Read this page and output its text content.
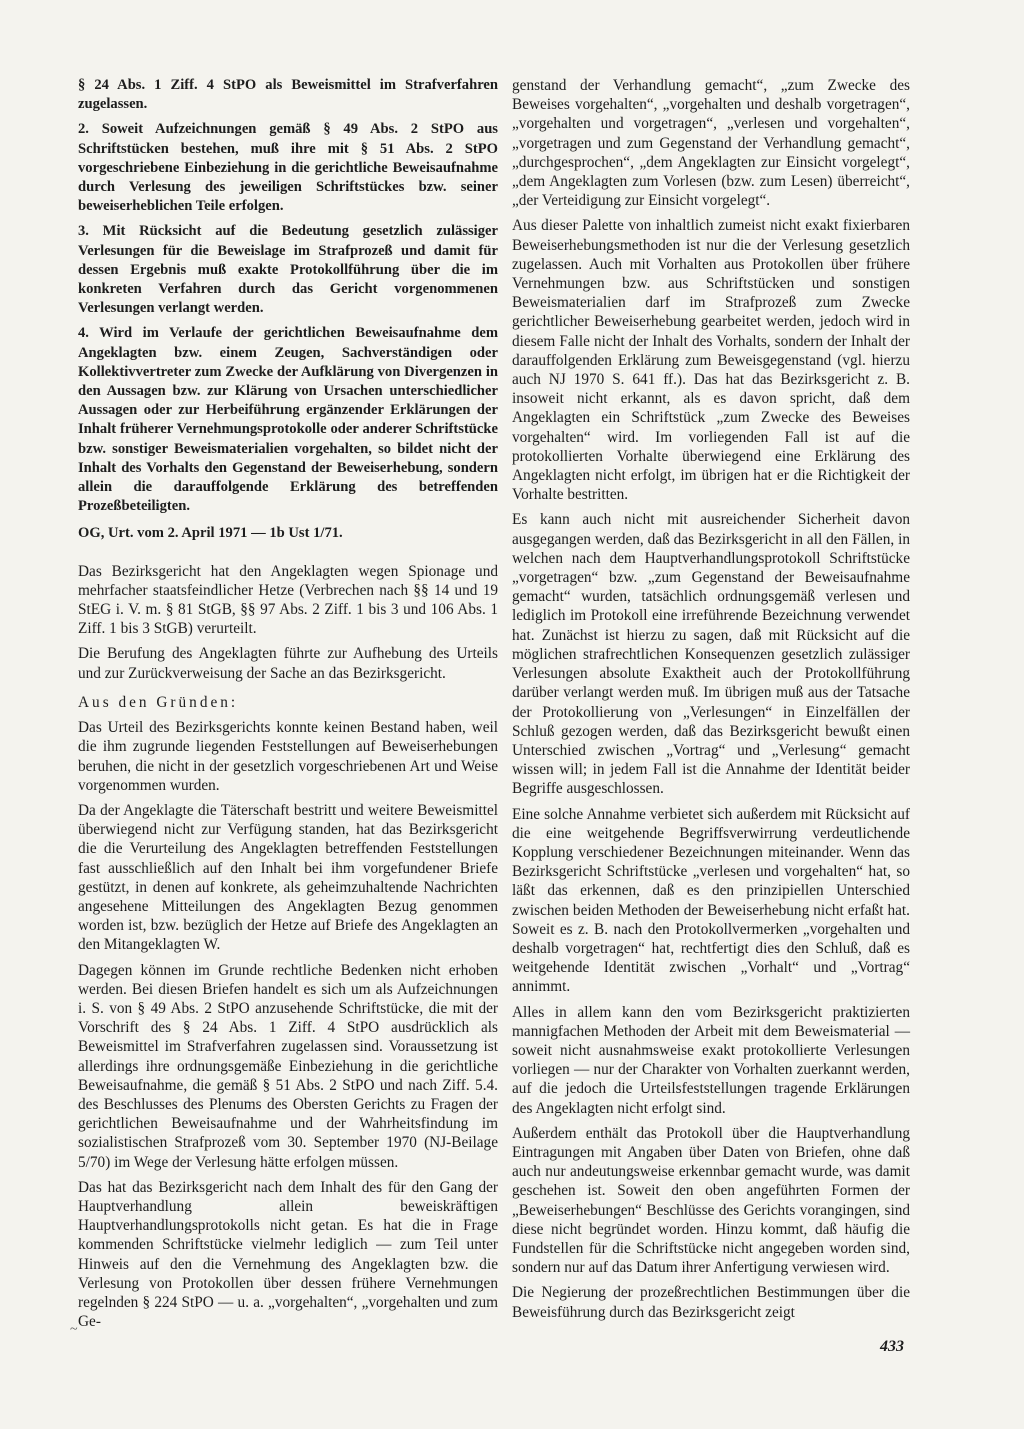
§ 24 Abs. 1 Ziff. 4 StPO als Beweismittel im Strafverfahren zugelassen.

2. Soweit Aufzeichnungen gemäß § 49 Abs. 2 StPO aus Schriftstücken bestehen, muß ihre mit § 51 Abs. 2 StPO vorgeschriebene Einbeziehung in die gerichtliche Beweisaufnahme durch Verlesung des jeweiligen Schriftstückes bzw. seiner beweiserheblichen Teile erfolgen.

3. Mit Rücksicht auf die Bedeutung gesetzlich zulässiger Verlesungen für die Beweislage im Strafprozeß und damit für dessen Ergebnis muß exakte Protokollführung über die im konkreten Verfahren durch das Gericht vorgenommenen Verlesungen verlangt werden.

4. Wird im Verlaufe der gerichtlichen Beweisaufnahme dem Angeklagten bzw. einem Zeugen, Sachverständigen oder Kollektivvertreter zum Zwecke der Aufklärung von Divergenzen in den Aussagen bzw. zur Klärung von Ursachen unterschiedlicher Aussagen oder zur Herbeiführung ergänzender Erklärungen der Inhalt früherer Vernehmungsprotokolle oder anderer Schriftstücke bzw. sonstiger Beweismaterialien vorgehalten, so bildet nicht der Inhalt des Vorhalts den Gegenstand der Beweiserhebung, sondern allein die darauffolgende Erklärung des betreffenden Prozeßbeteiligten.

OG, Urt. vom 2. April 1971 — 1b Ust 1/71.

Das Bezirksgericht hat den Angeklagten wegen Spionage und mehrfacher staatsfeindlicher Hetze (Verbrechen nach §§ 14 und 19 StEG i. V. m. § 81 StGB, §§ 97 Abs. 2 Ziff. 1 bis 3 und 106 Abs. 1 Ziff. 1 bis 3 StGB) verurteilt.

Die Berufung des Angeklagten führte zur Aufhebung des Urteils und zur Zurückverweisung der Sache an das Bezirksgericht.

Aus den Gründen:

Das Urteil des Bezirksgerichts konnte keinen Bestand haben, weil die ihm zugrunde liegenden Feststellungen auf Beweiserhebungen beruhen, die nicht in der gesetzlich vorgeschriebenen Art und Weise vorgenommen wurden.

Da der Angeklagte die Täterschaft bestritt und weitere Beweismittel überwiegend nicht zur Verfügung standen, hat das Bezirksgericht die die Verurteilung des Angeklagten betreffenden Feststellungen fast ausschließlich auf den Inhalt bei ihm vorgefundener Briefe gestützt, in denen auf konkrete, als geheimzuhaltende Nachrichten angesehene Mitteilungen des Angeklagten Bezug genommen worden ist, bzw. bezüglich der Hetze auf Briefe des Angeklagten an den Mitangeklagten W.

Dagegen können im Grunde rechtliche Bedenken nicht erhoben werden. Bei diesen Briefen handelt es sich um als Aufzeichnungen i. S. von § 49 Abs. 2 StPO anzusehende Schriftstücke, die mit der Vorschrift des § 24 Abs. 1 Ziff. 4 StPO ausdrücklich als Beweismittel im Strafverfahren zugelassen sind. Voraussetzung ist allerdings ihre ordnungsgemäße Einbeziehung in die gerichtliche Beweisaufnahme, die gemäß § 51 Abs. 2 StPO und nach Ziff. 5.4. des Beschlusses des Plenums des Obersten Gerichts zu Fragen der gerichtlichen Beweisaufnahme und der Wahrheitsfindung im sozialistischen Strafprozeß vom 30. September 1970 (NJ-Beilage 5/70) im Wege der Verlesung hätte erfolgen müssen.

Das hat das Bezirksgericht nach dem Inhalt des für den Gang der Hauptverhandlung allein beweiskräftigen Hauptverhandlungsprotokolls nicht getan. Es hat die in Frage kommenden Schriftstücke vielmehr lediglich — zum Teil unter Hinweis auf den die Vernehmung des Angeklagten bzw. die Verlesung von Protokollen über dessen frühere Vernehmungen regelnden § 224 StPO — u. a. „vorgehalten“, „vorgehalten und zum Ge-

genstand der Verhandlung gemacht“, „zum Zwecke des Beweises vorgehalten“, „vorgehalten und deshalb vorgetragen“, „vorgehalten und vorgetragen“, „verlesen und vorgehalten“, „vorgetragen und zum Gegenstand der Verhandlung gemacht“, „durchgesprochen“, „dem Angeklagten zur Einsicht vorgelegt“, „dem Angeklagten zum Vorlesen (bzw. zum Lesen) überreicht“, „der Verteidigung zur Einsicht vorgelegt“.

Aus dieser Palette von inhaltlich zumeist nicht exakt fixierbaren Beweiserhebungsmethoden ist nur die der Verlesung gesetzlich zugelassen. Auch mit Vorhalten aus Protokollen über frühere Vernehmungen bzw. aus Schriftstücken und sonstigen Beweismaterialien darf im Strafprozeß zum Zwecke gerichtlicher Beweiserhebung gearbeitet werden, jedoch wird in diesem Falle nicht der Inhalt des Vorhalts, sondern der Inhalt der darauffolgenden Erklärung zum Beweisgegenstand (vgl. hierzu auch NJ 1970 S. 641 ff.). Das hat das Bezirksgericht z. B. insoweit nicht erkannt, als es davon spricht, daß dem Angeklagten ein Schriftstück „zum Zwecke des Beweises vorgehalten“ wird. Im vorliegenden Fall ist auf die protokollierten Vorhalte überwiegend eine Erklärung des Angeklagten nicht erfolgt, im übrigen hat er die Richtigkeit der Vorhalte bestritten.

Es kann auch nicht mit ausreichender Sicherheit davon ausgegangen werden, daß das Bezirksgericht in all den Fällen, in welchen nach dem Hauptverhandlungsprotokoll Schriftstücke „vorgetragen“ bzw. „zum Gegenstand der Beweisaufnahme gemacht“ wurden, tatsächlich ordnungsgemäß verlesen und lediglich im Protokoll eine irreführende Bezeichnung verwendet hat. Zunächst ist hierzu zu sagen, daß mit Rücksicht auf die möglichen strafrechtlichen Konsequenzen gesetzlich zulässiger Verlesungen absolute Exaktheit auch der Protokollführung darüber verlangt werden muß. Im übrigen muß aus der Tatsache der Protokollierung von „Verlesungen“ in Einzelfällen der Schluß gezogen werden, daß das Bezirksgericht bewußt einen Unterschied zwischen „Vortrag“ und „Verlesung“ gemacht wissen will; in jedem Fall ist die Annahme der Identität beider Begriffe ausgeschlossen.

Eine solche Annahme verbietet sich außerdem mit Rücksicht auf die eine weitgehende Begriffsverwirrung verdeutlichende Kopplung verschiedener Bezeichnungen miteinander. Wenn das Bezirksgericht Schriftstücke „verlesen und vorgehalten“ hat, so läßt das erkennen, daß es den prinzipiellen Unterschied zwischen beiden Methoden der Beweiserhebung nicht erfaßt hat. Soweit es z. B. nach den Protokollvermerken „vorgehalten und deshalb vorgetragen“ hat, rechtfertigt dies den Schluß, daß es weitgehende Identität zwischen „Vorhalt“ und „Vortrag“ annimmt.

Alles in allem kann den vom Bezirksgericht praktizierten mannigfachen Methoden der Arbeit mit dem Beweismaterial — soweit nicht ausnahmsweise exakt protokollierte Verlesungen vorliegen — nur der Charakter von Vorhalten zuerkannt werden, auf die jedoch die Urteilsfeststellungen tragende Erklärungen des Angeklagten nicht erfolgt sind.

Außerdem enthält das Protokoll über die Hauptverhandlung Eintragungen mit Angaben über Daten von Briefen, ohne daß auch nur andeutungsweise erkennbar gemacht wurde, was damit geschehen ist. Soweit den oben angeführten Formen der „Beweiserhebungen“ Beschlüsse des Gerichts vorangingen, sind diese nicht begründet worden. Hinzu kommt, daß häufig die Fundstellen für die Schriftstücke nicht angegeben worden sind, sondern nur auf das Datum ihrer Anfertigung verwiesen wird.

Die Negierung der prozeßrechtlichen Bestimmungen über die Beweisführung durch das Bezirksgericht zeigt

~
433
